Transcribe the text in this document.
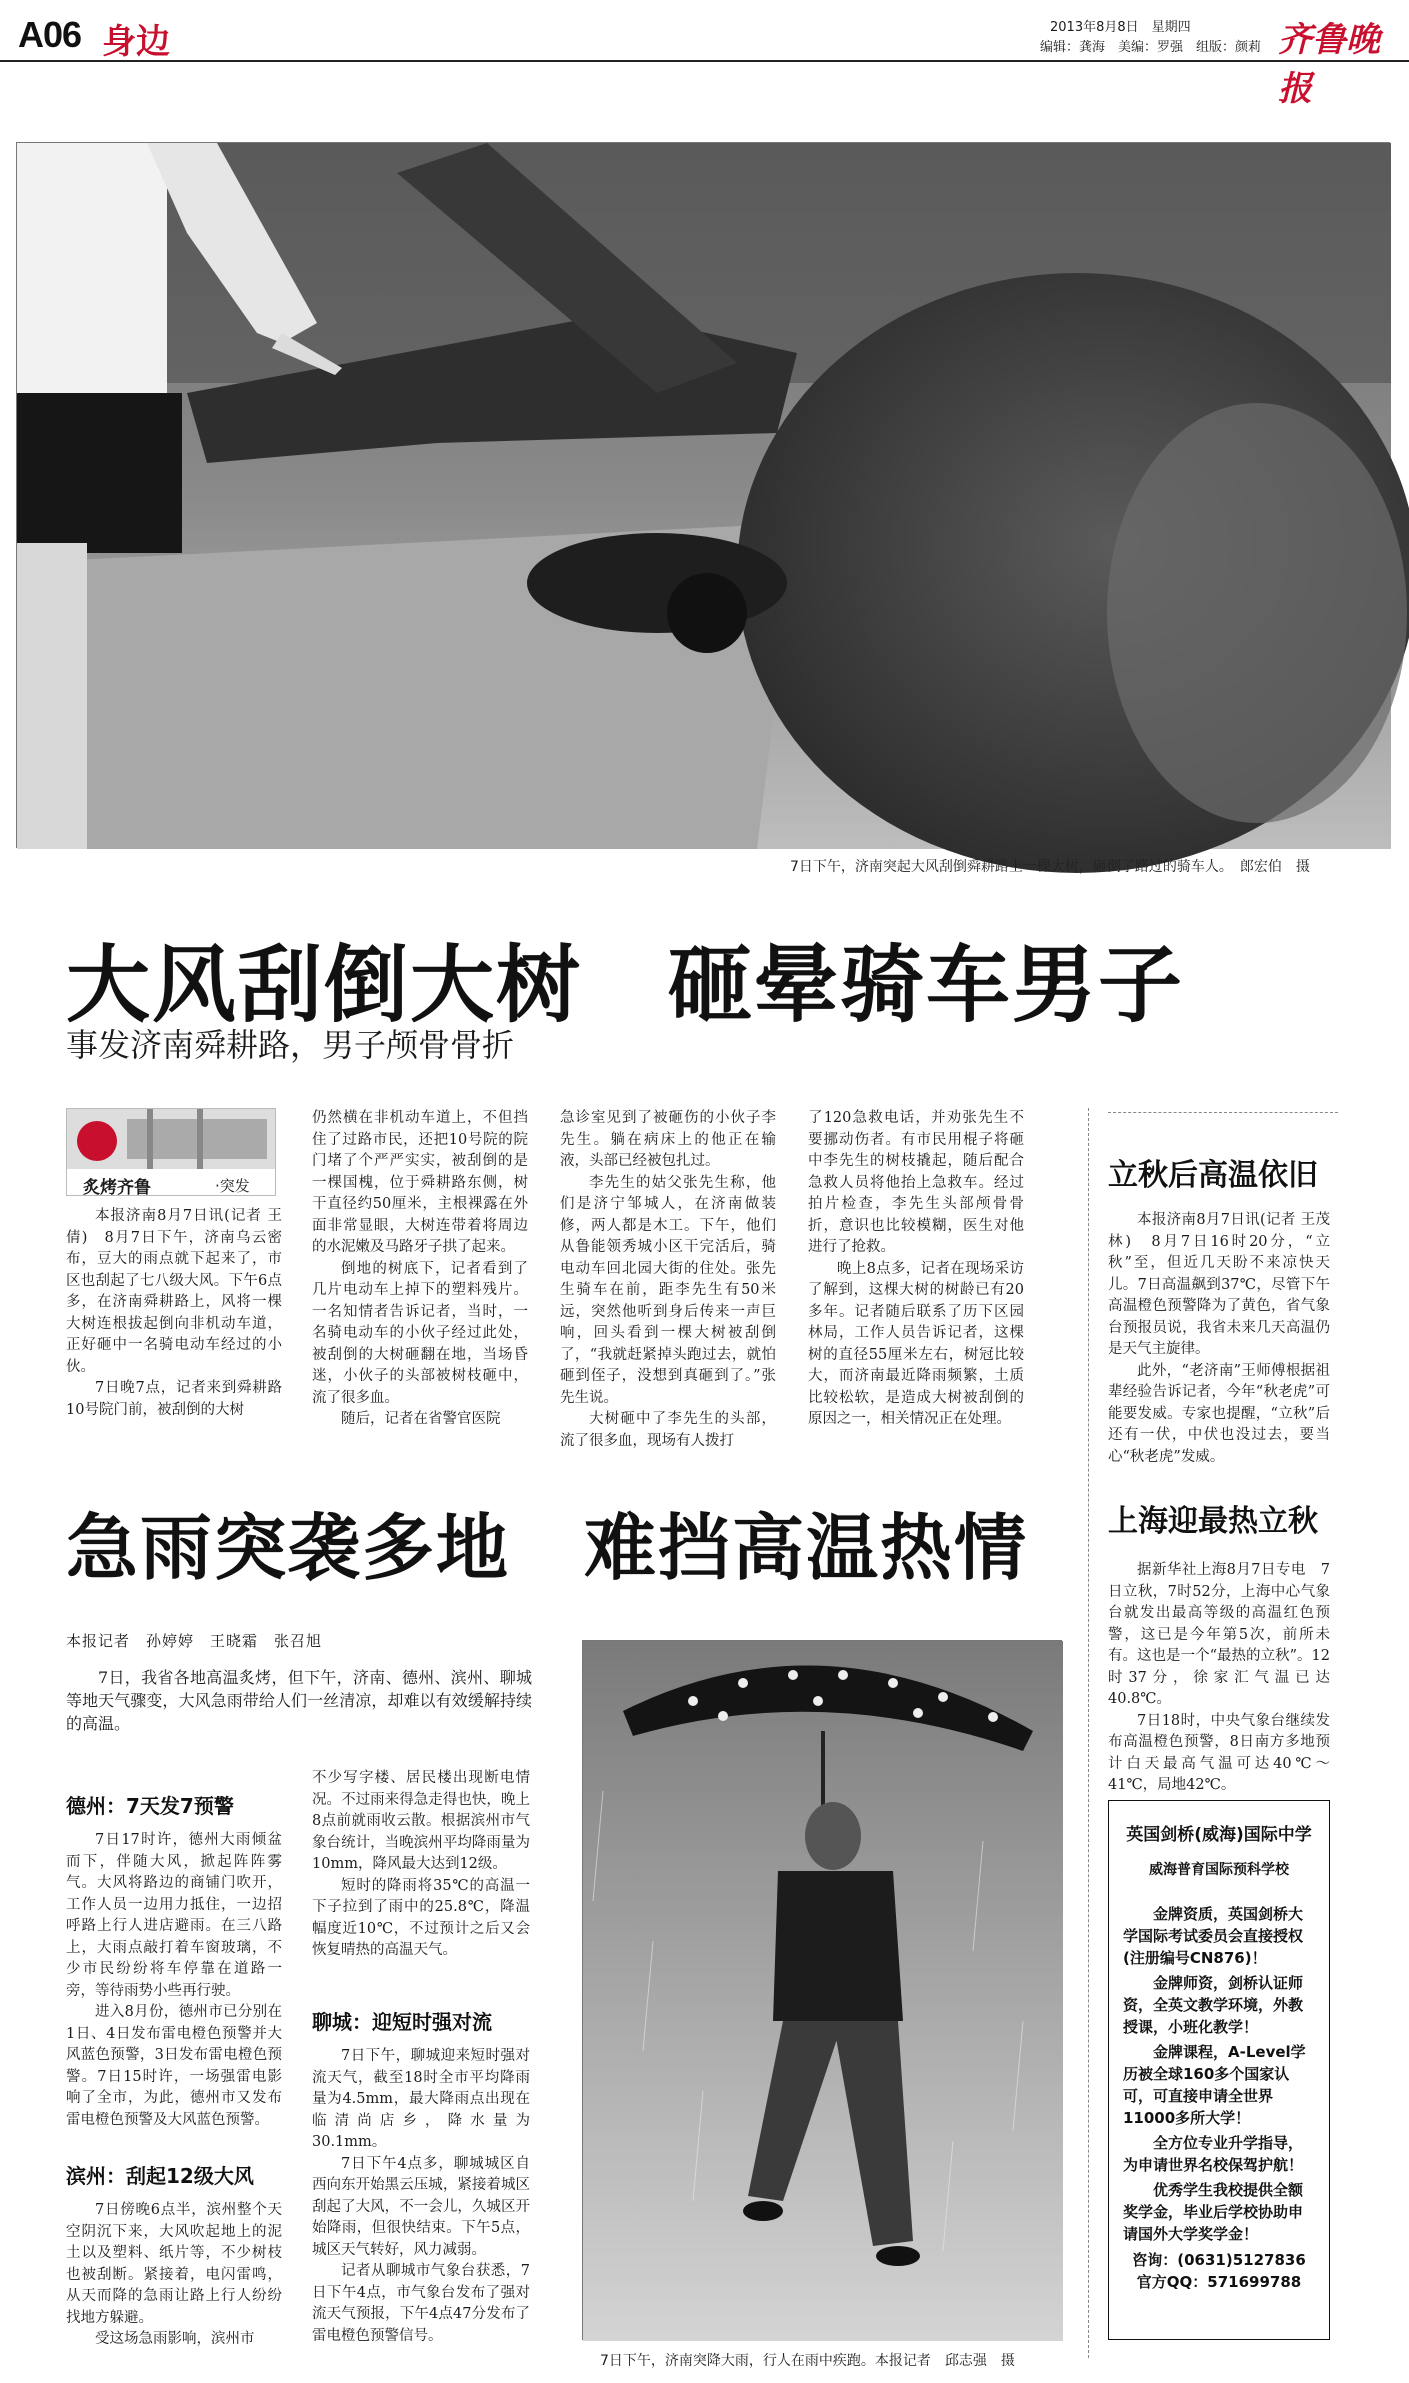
A06 身边	2013年8月8日　星期四
编辑：龚海　美编：罗强　组版：颜莉 齐鲁晚报
7日下午，济南突起大风刮倒舜耕路上一棵大树，砸倒了路过的骑车人。　郎宏伯　摄
大风刮倒大树　砸晕骑车男子
事发济南舜耕路，男子颅骨骨折
炙烤齐鲁	·突发

本报济南8月7日讯(记者 王倩)　8月7日下午，济南乌云密布，豆大的雨点就下起来了，市区也刮起了七八级大风。下午6点多，在济南舜耕路上，风将一棵大树连根拔起倒向非机动车道，正好砸中一名骑电动车经过的小伙。

7日晚7点，记者来到舜耕路10号院门前，被刮倒的大树

仍然横在非机动车道上，不但挡住了过路市民，还把10号院的院门堵了个严严实实，被刮倒的是一棵国槐，位于舜耕路东侧，树干直径约50厘米，主根裸露在外面非常显眼，大树连带着将周边的水泥嫩及马路牙子拱了起来。

倒地的树底下，记者看到了几片电动车上掉下的塑料残片。一名知情者告诉记者，当时，一名骑电动车的小伙子经过此处，被刮倒的大树砸翻在地，当场昏迷，小伙子的头部被树枝砸中，流了很多血。

随后，记者在省警官医院

急诊室见到了被砸伤的小伙子李先生。躺在病床上的他正在输液，头部已经被包扎过。

李先生的姑父张先生称，他们是济宁邹城人，在济南做装修，两人都是木工。下午，他们从鲁能领秀城小区干完活后，骑电动车回北园大街的住处。张先生骑车在前，距李先生有50米远，突然他听到身后传来一声巨响，回头看到一棵大树被刮倒了，“我就赶紧掉头跑过去，就怕砸到侄子，没想到真砸到了。”张先生说。

大树砸中了李先生的头部，流了很多血，现场有人拨打

了120急救电话，并劝张先生不要挪动伤者。有市民用棍子将砸中李先生的树枝撬起，随后配合急救人员将他抬上急救车。经过拍片检查，李先生头部颅骨骨折，意识也比较模糊，医生对他进行了抢救。

晚上8点多，记者在现场采访了解到，这棵大树的树龄已有20多年。记者随后联系了历下区园林局，工作人员告诉记者，这棵树的直径55厘米左右，树冠比较大，而济南最近降雨频繁，土质比较松软，是造成大树被刮倒的原因之一，相关情况正在处理。

立秋后高温依旧

本报济南8月7日讯(记者 王茂林)　8月7日16时20分，“立秋”至，但近几天盼不来凉快天儿。7日高温飙到37℃，尽管下午高温橙色预警降为了黄色，省气象台预报员说，我省未来几天高温仍是天气主旋律。

此外，“老济南”王师傅根据祖辈经验告诉记者，今年“秋老虎”可能要发威。专家也提醒，“立秋”后还有一伏，中伏也没过去，要当心“秋老虎”发威。

上海迎最热立秋

据新华社上海8月7日专电　7日立秋，7时52分，上海中心气象台就发出最高等级的高温红色预警，这已是今年第5次，前所未有。这也是一个“最热的立秋”。12时37分，徐家汇气温已达40.8℃。

7日18时，中央气象台继续发布高温橙色预警，8日南方多地预计白天最高气温可达40℃～41℃，局地42℃。

英国剑桥(威海)国际中学
威海普育国际预科学校

金牌资质，英国剑桥大学国际考试委员会直接授权(注册编号CN876)！

金牌师资，剑桥认证师资，全英文教学环境，外教授课，小班化教学！

金牌课程，A-Level学历被全球160多个国家认可，可直接申请全世界11000多所大学！

全方位专业升学指导，为申请世界名校保驾护航！

优秀学生我校提供全额奖学金，毕业后学校协助申请国外大学奖学金！

咨询：(0631)5127836
官方QQ：571699788
急雨突袭多地　难挡高温热情
本报记者　孙婷婷　王晓霜　张召旭

7日，我省各地高温炙烤，但下午，济南、德州、滨州、聊城等地天气骤变，大风急雨带给人们一丝清凉，却难以有效缓解持续的高温。

德州：7天发7预警

7日17时许，德州大雨倾盆而下，伴随大风，掀起阵阵雾气。大风将路边的商铺门吹开，工作人员一边用力抵住，一边招呼路上行人进店避雨。在三八路上，大雨点敲打着车窗玻璃，不少市民纷纷将车停靠在道路一旁，等待雨势小些再行驶。

进入8月份，德州市已分别在1日、4日发布雷电橙色预警并大风蓝色预警，3日发布雷电橙色预警。7日15时许，一场强雷电影响了全市，为此，德州市又发布雷电橙色预警及大风蓝色预警。

滨州：刮起12级大风

7日傍晚6点半，滨州整个天空阴沉下来，大风吹起地上的泥土以及塑料、纸片等，不少树枝也被刮断。紧接着，电闪雷鸣，从天而降的急雨让路上行人纷纷找地方躲避。

受这场急雨影响，滨州市

不少写字楼、居民楼出现断电情况。不过雨来得急走得也快，晚上8点前就雨收云散。根据滨州市气象台统计，当晚滨州平均降雨量为10mm，降风最大达到12级。

短时的降雨将35℃的高温一下子拉到了雨中的25.8℃，降温幅度近10℃，不过预计之后又会恢复晴热的高温天气。

聊城：迎短时强对流

7日下午，聊城迎来短时强对流天气，截至18时全市平均降雨量为4.5mm，最大降雨点出现在临清尚店乡，降水量为30.1mm。

7日下午4点多，聊城城区自西向东开始黑云压城，紧接着城区刮起了大风，不一会儿，久城区开始降雨，但很快结束。下午5点，城区天气转好，风力减弱。

记者从聊城市气象台获悉，7日下午4点，市气象台发布了强对流天气预报，下午4点47分发布了雷电橙色预警信号。

7日下午，济南突降大雨，行人在雨中疾跑。本报记者　邱志强　摄
